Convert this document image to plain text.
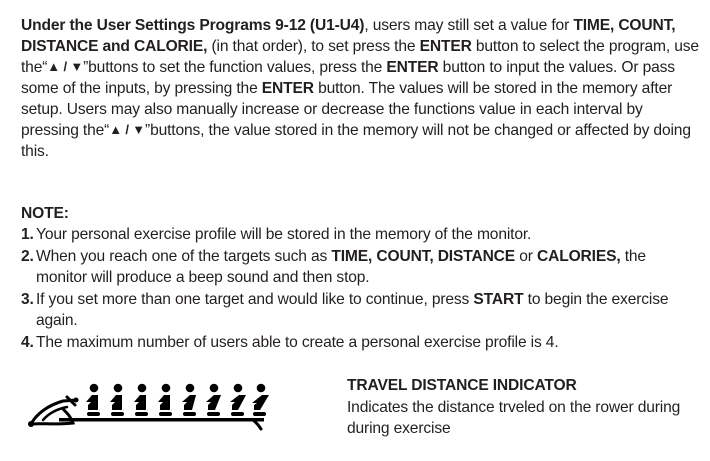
Under the User Settings Programs 9-12 (U1-U4), users may still set a value for TIME, COUNT, DISTANCE and CALORIE, (in that order), to set press the ENTER button to select the program, use the“▲ / ▼”buttons to set the function values, press the ENTER button to input the values. Or pass some of the inputs, by pressing the ENTER button. The values will be stored in the memory after setup. Users may also manually increase or decrease the functions value in each interval by pressing the“▲ / ▼”buttons, the value stored in the memory will not be changed or affected by doing this.
NOTE:
1. Your personal exercise profile will be stored in the memory of the monitor.
2. When you reach one of the targets such as TIME, COUNT, DISTANCE or CALORIES, the monitor will produce a beep sound and then stop.
3. If you set more than one target and would like to continue, press START to begin the exercise again.
4. The maximum number of users able to create a personal exercise profile is 4.
TRAVEL DISTANCE INDICATOR
Indicates the distance trveled on the rower during during exercise
